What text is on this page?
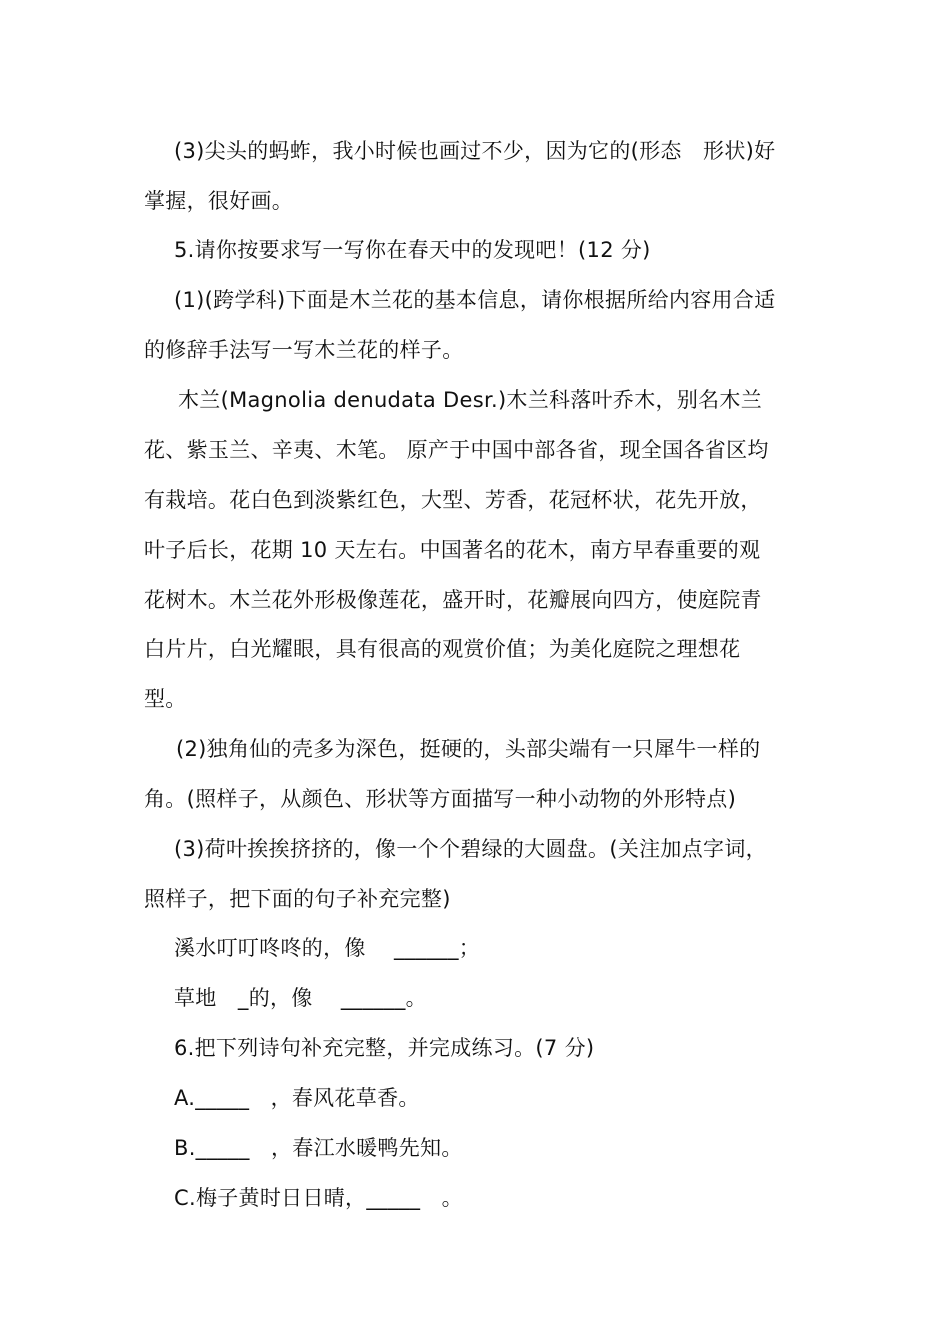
(3)尖头的蚂蚱，我小时候也画过不少，因为它的(形态　形状)好
掌握，很好画。
5.请你按要求写一写你在春天中的发现吧！(12 分)
(1)(跨学科)下面是木兰花的基本信息，请你根据所给内容用合适
的修辞手法写一写木兰花的样子。
木兰(Magnolia denudata Desr.)木兰科落叶乔木，别名木兰
花、紫玉兰、辛夷、木笔。 原产于中国中部各省，现全国各省区均
有栽培。花白色到淡紫红色，大型、芳香，花冠杯状，花先开放，
叶子后长，花期 10 天左右。中国著名的花木，南方早春重要的观
花树木。木兰花外形极像莲花，盛开时，花瓣展向四方，使庭院青
白片片，白光耀眼，具有很高的观赏价值；为美化庭院之理想花
型。
(2)独角仙的壳多为深色，挺硬的，头部尖端有一只犀牛一样的
角。(照样子，从颜色、形状等方面描写一种小动物的外形特点)
(3)荷叶挨挨挤挤的，像一个个碧绿的大圆盘。(关注加点字词，
照样子，把下面的句子补充完整)
溪水叮叮咚咚的，像　 ______；
草地　_的，像　 ______。
6.把下列诗句补充完整，并完成练习。(7 分)
A._____　，春风花草香。
B._____　，春江水暖鸭先知。
C.梅子黄时日日晴，_____　。
